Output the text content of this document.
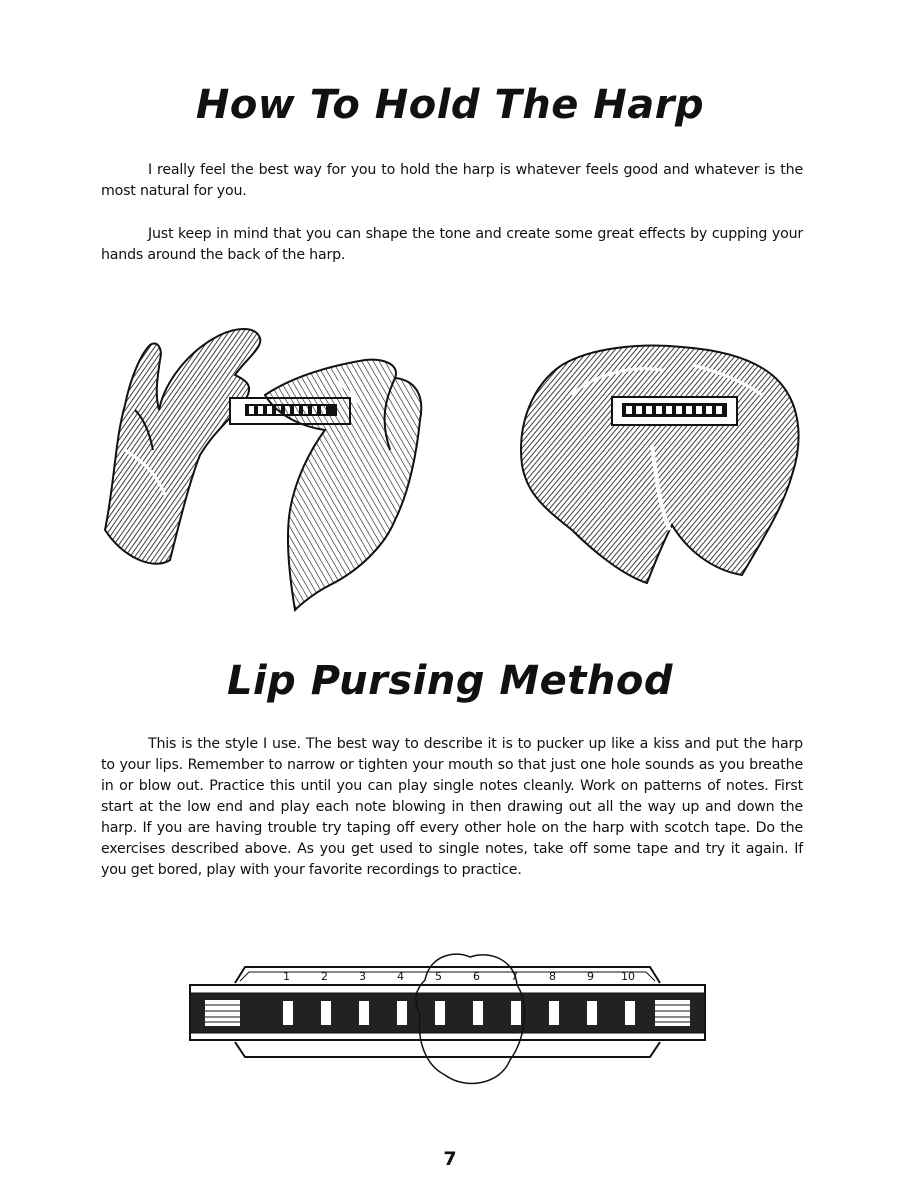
How To Hold The Harp
I really feel the best way for you to hold the harp is whatever feels good and whatever is the most natural for you.
Just keep in mind that you can shape the tone and create some great effects by cupping your hands around the back of the harp.
Lip Pursing Method
This is the style I use. The best way to describe it is to pucker up like a kiss and put the harp to your lips. Remember to narrow or tighten your mouth so that just one hole sounds as you breathe in or blow out. Practice this until you can play single notes cleanly. Work on patterns of notes. First start at the low end and play each note blowing in then drawing out all the way up and down the harp. If you are having trouble try taping off every other hole on the harp with scotch tape. Do the exercises described above. As you get used to single notes, take off some tape and try it again. If you get bored, play with your favorite recordings to practice.
1	2	3	4	5	6	7	8	9 10
7
